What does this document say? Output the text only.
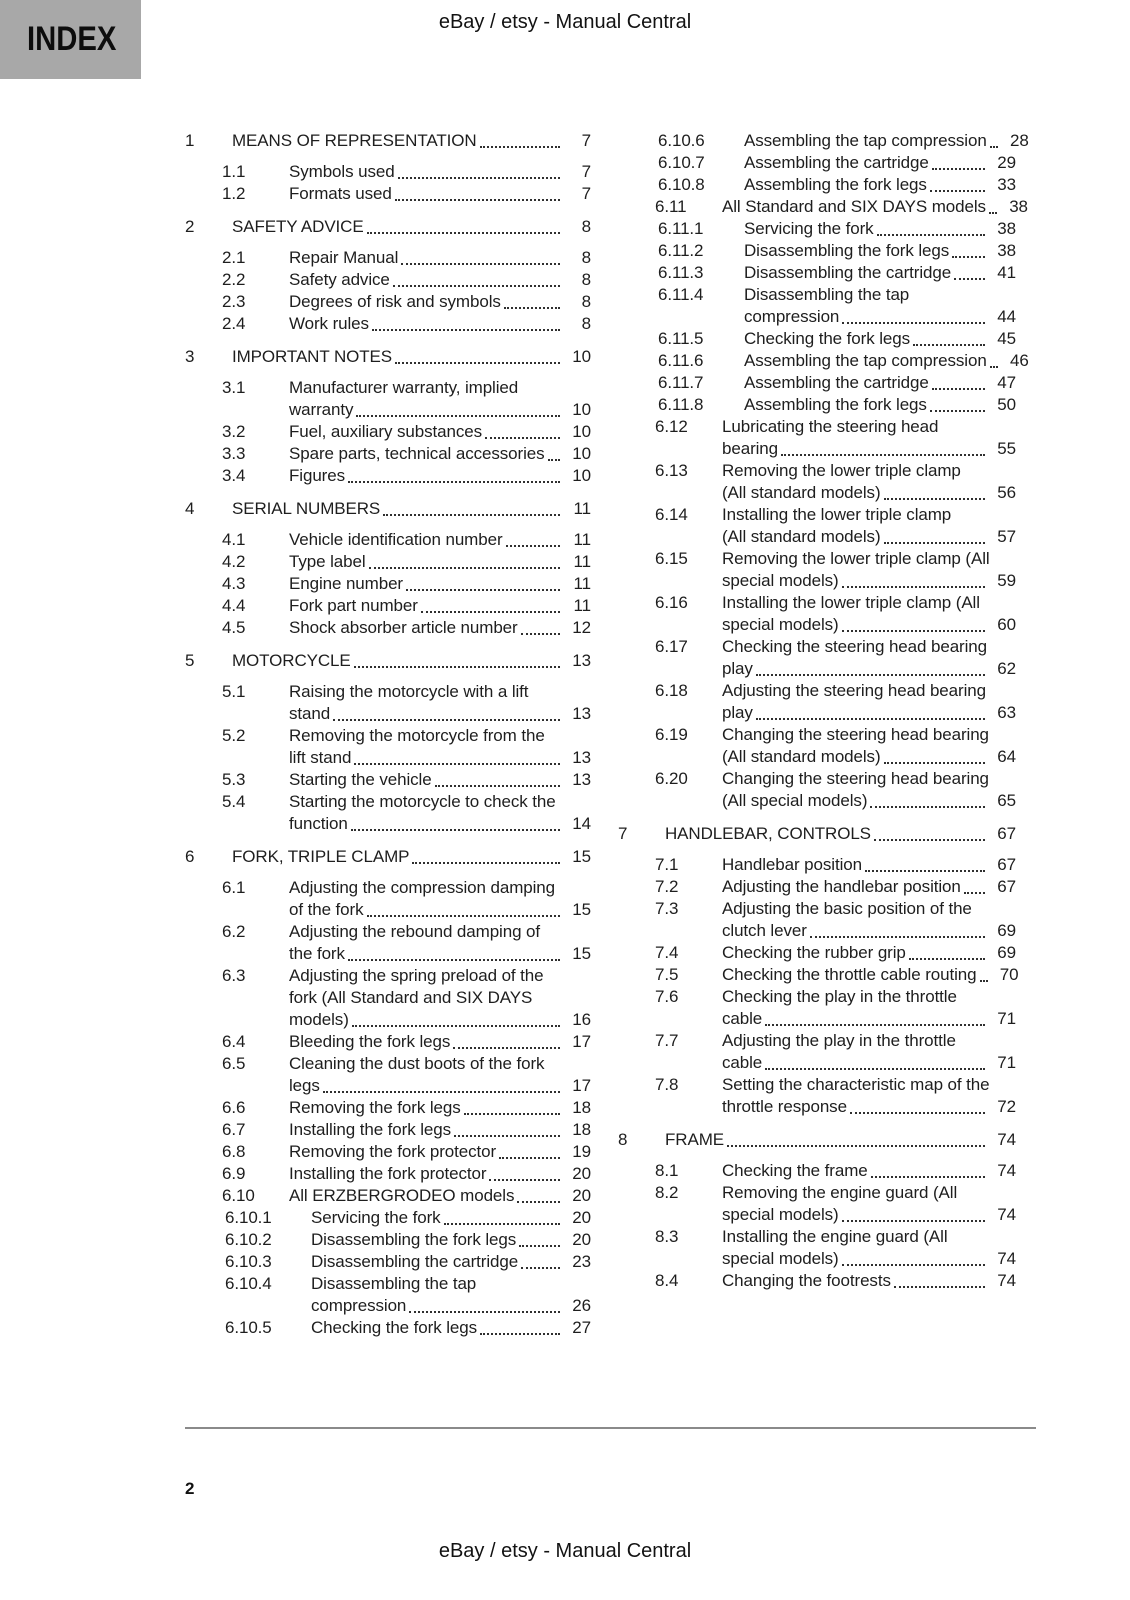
INDEX	eBay / etsy - Manual Central
1	MEANS OF REPRESENTATION	7
1.1	Symbols used	7
1.2	Formats used	7
2	SAFETY ADVICE	8
2.1	Repair Manual	8
2.2	Safety advice	8
2.3	Degrees of risk and symbols	8
2.4	Work rules	8
3	IMPORTANT NOTES	10
3.1	Manufacturer warranty, implied
warranty	10
3.2	Fuel, auxiliary substances	10
3.3	Spare parts, technical accessories	10
3.4	Figures	10
4	SERIAL NUMBERS	11
4.1	Vehicle identification number	11
4.2	Type label	11
4.3	Engine number	11
4.4	Fork part number	11
4.5	Shock absorber article number	12
5	MOTORCYCLE	13
5.1	Raising the motorcycle with a lift
stand	13
5.2	Removing the motorcycle from the
lift stand	13
5.3	Starting the vehicle	13
5.4	Starting the motorcycle to check the
function	14
6	FORK, TRIPLE CLAMP	15
6.1	Adjusting the compression damping
of the fork	15
6.2	Adjusting the rebound damping of
the fork	15
6.3	Adjusting the spring preload of the
fork (All Standard and SIX DAYS
models)	16
6.4	Bleeding the fork legs	17
6.5	Cleaning the dust boots of the fork
legs	17
6.6	Removing the fork legs	18
6.7	Installing the fork legs	18
6.8	Removing the fork protector	19
6.9	Installing the fork protector	20
6.10	All ERZBERGRODEO models	20
6.10.1	Servicing the fork	20
6.10.2	Disassembling the fork legs	20
6.10.3	Disassembling the cartridge	23
6.10.4	Disassembling the tap
compression	26
6.10.5	Checking the fork legs	27
6.10.6	Assembling the tap compression	28
6.10.7	Assembling the cartridge	29
6.10.8	Assembling the fork legs	33
6.11	All Standard and SIX DAYS models	38
6.11.1	Servicing the fork	38
6.11.2	Disassembling the fork legs	38
6.11.3	Disassembling the cartridge	41
6.11.4	Disassembling the tap
compression	44
6.11.5	Checking the fork legs	45
6.11.6	Assembling the tap compression	46
6.11.7	Assembling the cartridge	47
6.11.8	Assembling the fork legs	50
6.12	Lubricating the steering head
bearing	55
6.13	Removing the lower triple clamp
(All standard models)	56
6.14	Installing the lower triple clamp
(All standard models)	57
6.15	Removing the lower triple clamp (All
special models)	59
6.16	Installing the lower triple clamp (All
special models)	60
6.17	Checking the steering head bearing
play	62
6.18	Adjusting the steering head bearing
play	63
6.19	Changing the steering head bearing
(All standard models)	64
6.20	Changing the steering head bearing
(All special models)	65
7	HANDLEBAR, CONTROLS	67
7.1	Handlebar position	67
7.2	Adjusting the handlebar position	67
7.3	Adjusting the basic position of the
clutch lever	69
7.4	Checking the rubber grip	69
7.5	Checking the throttle cable routing	70
7.6	Checking the play in the throttle
cable	71
7.7	Adjusting the play in the throttle
cable	71
7.8	Setting the characteristic map of the
throttle response	72
8	FRAME	74
8.1	Checking the frame	74
8.2	Removing the engine guard (All
special models)	74
8.3	Installing the engine guard (All
special models)	74
8.4	Changing the footrests	74
2
eBay / etsy - Manual Central
